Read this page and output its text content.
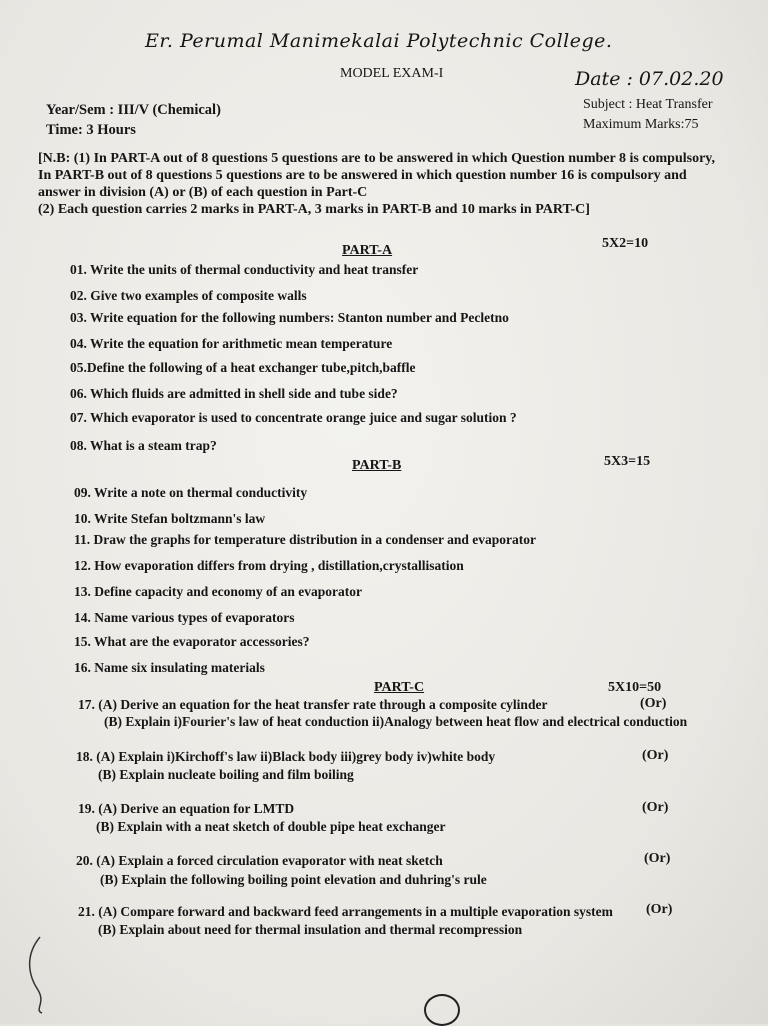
Er. Perumal Manimekalai Polytechnic College.
MODEL EXAM-I	Date : 07.02.20
Year/Sem : III/V (Chemical)
Time: 3 Hours
Subject : Heat Transfer
Maximum Marks:75
[N.B: (1) In PART-A out of 8 questions 5 questions are to be answered in which Question number 8 is compulsory,
In PART-B out of 8 questions 5 questions are to be answered in which question number 16 is compulsory and
answer in division (A) or (B) of each question in Part-C
(2) Each question carries 2 marks in PART-A, 3 marks in PART-B and 10 marks in PART-C]
PART-A	5X2=10
01. Write the units of thermal conductivity and heat transfer
02. Give two examples of composite walls
03. Write equation for the following numbers: Stanton number and Pecletno
04. Write the equation for arithmetic mean temperature
05.Define the following of a heat exchanger tube,pitch,baffle
06. Which fluids are admitted in shell side and tube side?
07. Which evaporator is used to concentrate orange juice and sugar solution ?
08. What is a steam trap?
PART-B	5X3=15
09. Write a note on thermal conductivity
10. Write Stefan boltzmann's law
11. Draw the graphs for temperature distribution in a condenser and evaporator
12. How evaporation differs from drying , distillation,crystallisation
13. Define capacity and economy of an evaporator
14. Name various types of evaporators
15. What are the evaporator accessories?
16. Name six insulating materials
PART-C	5X10=50
17. (A) Derive an equation for the heat transfer rate through a composite cylinder	(Or)
(B) Explain i)Fourier's law of heat conduction ii)Analogy between heat flow and electrical conduction
18. (A) Explain i)Kirchoff's law ii)Black body iii)grey body iv)white body	(Or)
(B) Explain nucleate boiling and film boiling
19. (A) Derive an equation for LMTD	(Or)
(B) Explain with a neat sketch of double pipe heat exchanger
20. (A) Explain a forced circulation evaporator with neat sketch	(Or)
(B) Explain the following boiling point elevation and duhring's rule
21. (A) Compare forward and backward feed arrangements in a multiple evaporation system (Or)
(B) Explain about need for thermal insulation and thermal recompression
